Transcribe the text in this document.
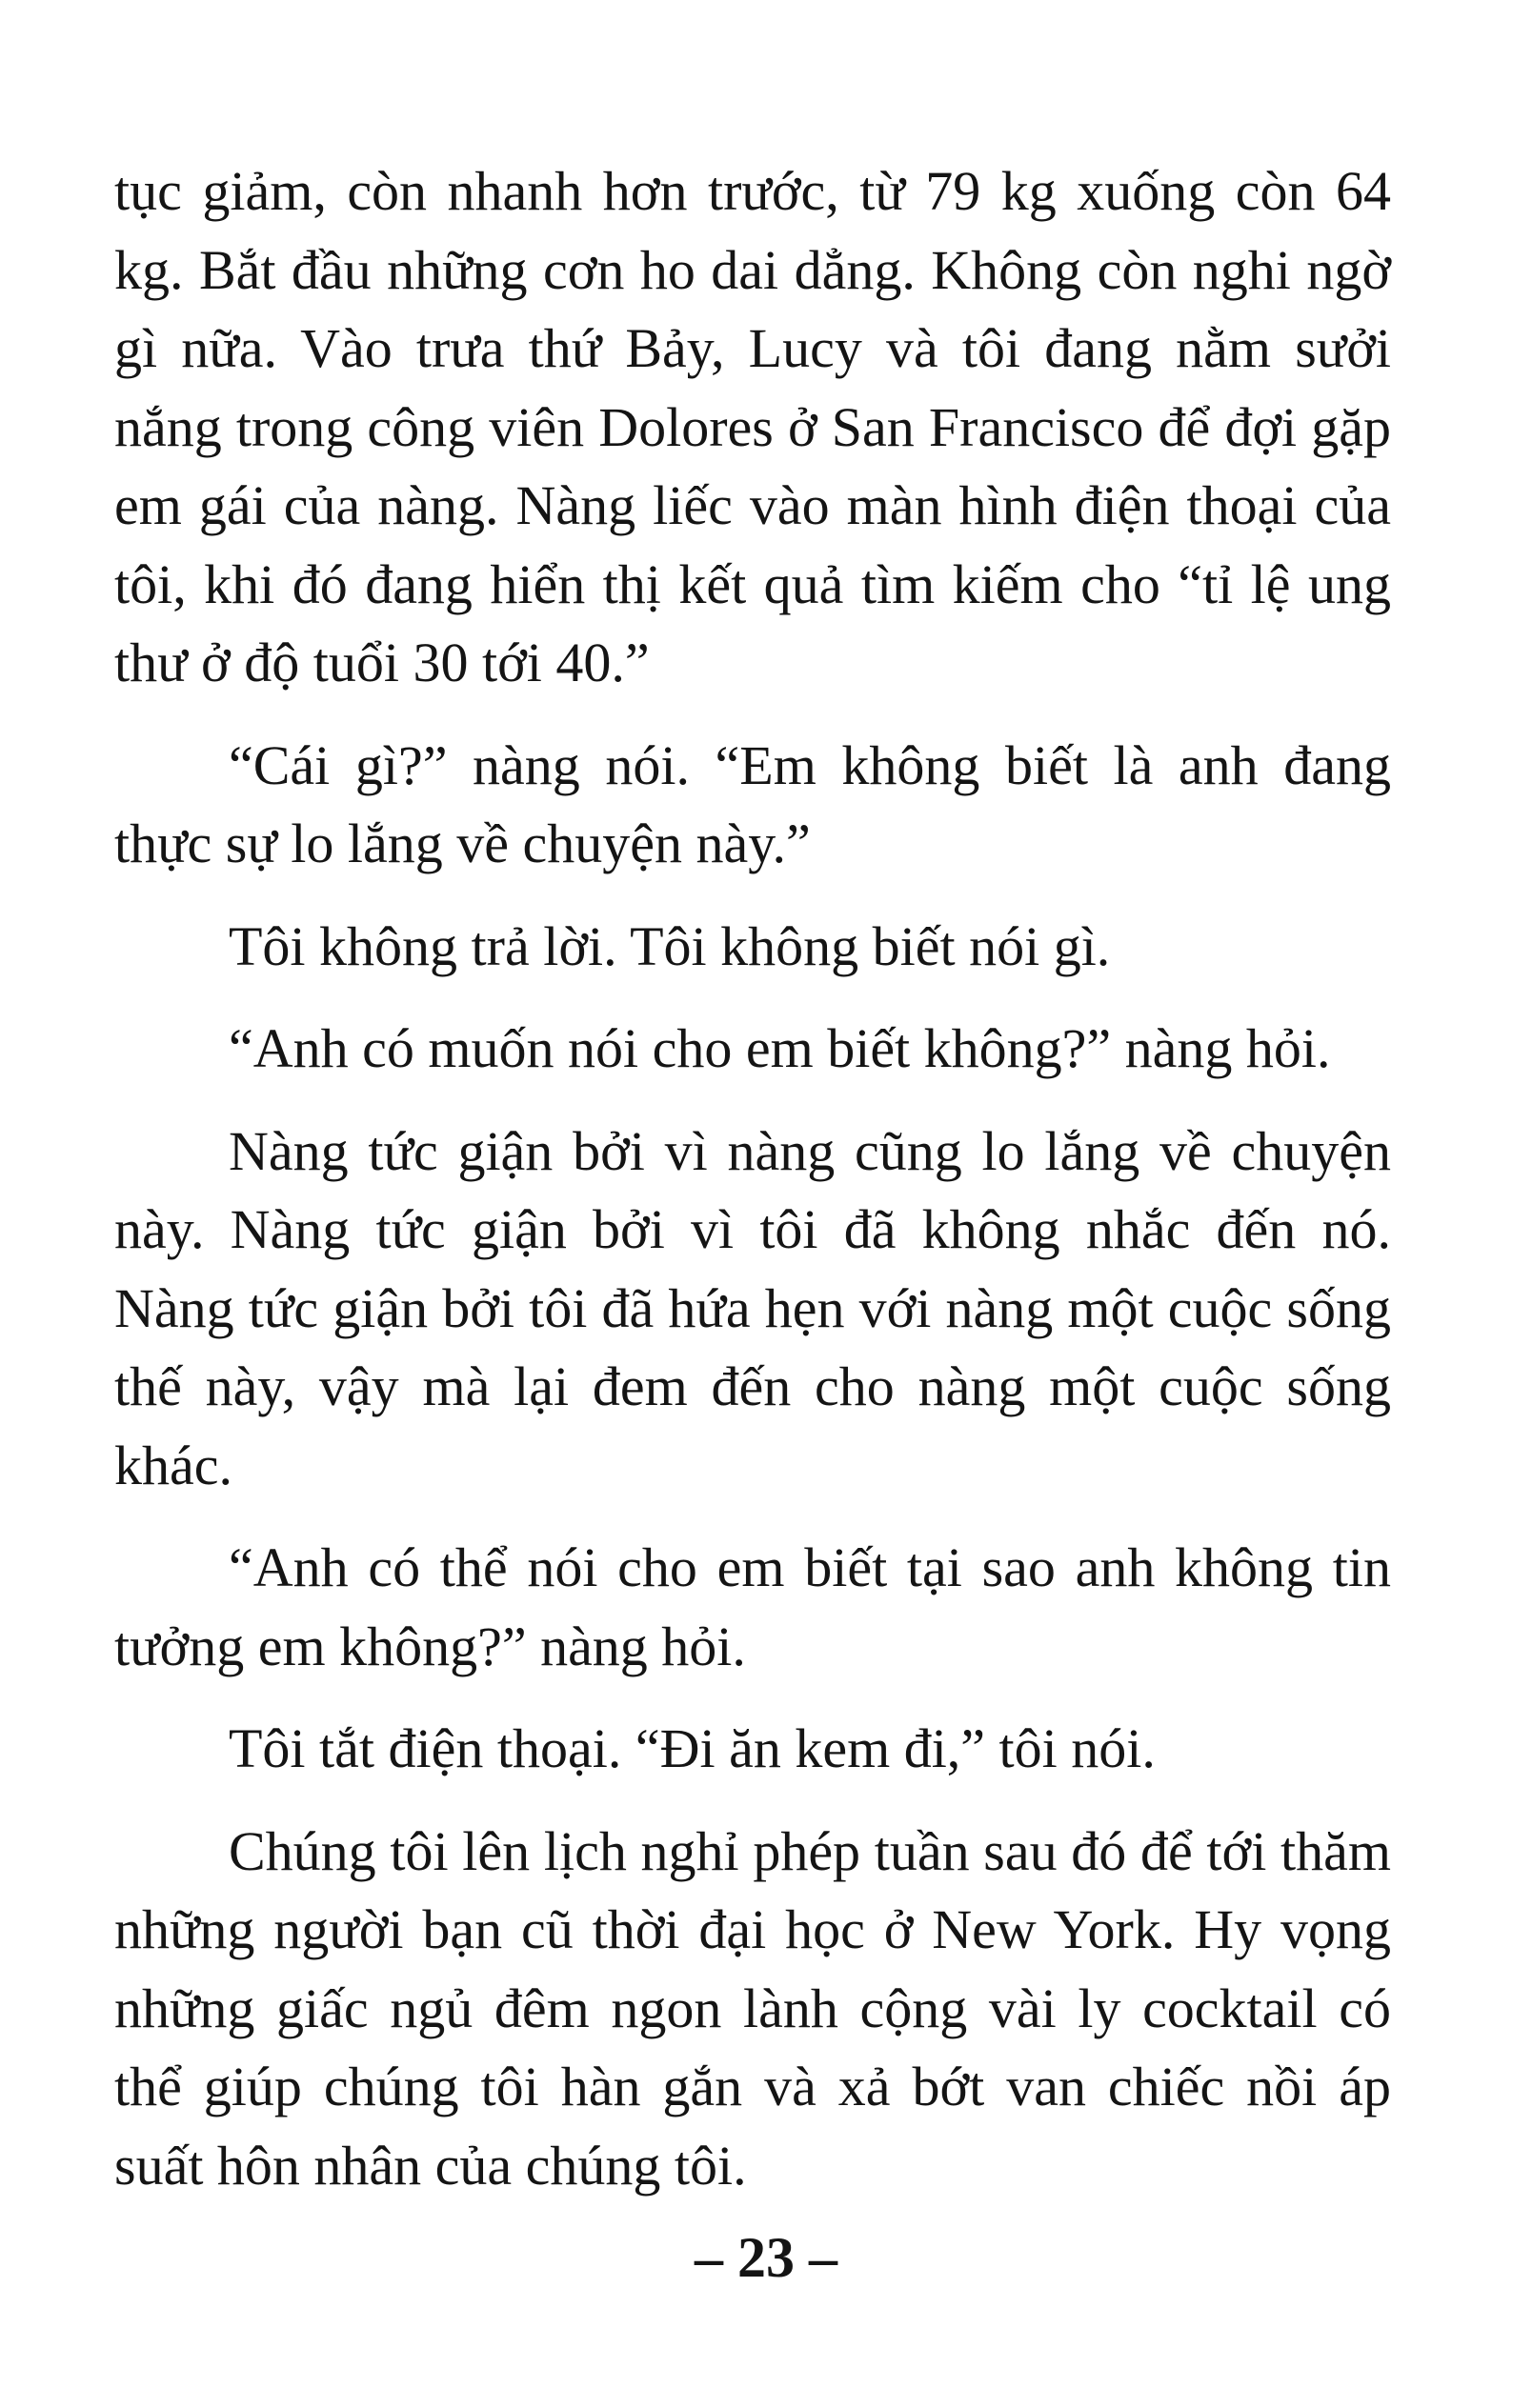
tục giảm, còn nhanh hơn trước, từ 79 kg xuống còn 64 kg. Bắt đầu những cơn ho dai dẳng. Không còn nghi ngờ gì nữa. Vào trưa thứ Bảy, Lucy và tôi đang nằm sưởi nắng trong công viên Dolores ở San Francisco để đợi gặp em gái của nàng. Nàng liếc vào màn hình điện thoại của tôi, khi đó đang hiển thị kết quả tìm kiếm cho “tỉ lệ ung thư ở độ tuổi 30 tới 40.”

“Cái gì?” nàng nói. “Em không biết là anh đang thực sự lo lắng về chuyện này.”

Tôi không trả lời. Tôi không biết nói gì.

“Anh có muốn nói cho em biết không?” nàng hỏi.

Nàng tức giận bởi vì nàng cũng lo lắng về chuyện này. Nàng tức giận bởi vì tôi đã không nhắc đến nó. Nàng tức giận bởi tôi đã hứa hẹn với nàng một cuộc sống thế này, vậy mà lại đem đến cho nàng một cuộc sống khác.

“Anh có thể nói cho em biết tại sao anh không tin tưởng em không?” nàng hỏi.

Tôi tắt điện thoại. “Đi ăn kem đi,” tôi nói.

Chúng tôi lên lịch nghỉ phép tuần sau đó để tới thăm những người bạn cũ thời đại học ở New York. Hy vọng những giấc ngủ đêm ngon lành cộng vài ly cocktail có thể giúp chúng tôi hàn gắn và xả bớt van chiếc nồi áp suất hôn nhân của chúng tôi.

– 23 –
